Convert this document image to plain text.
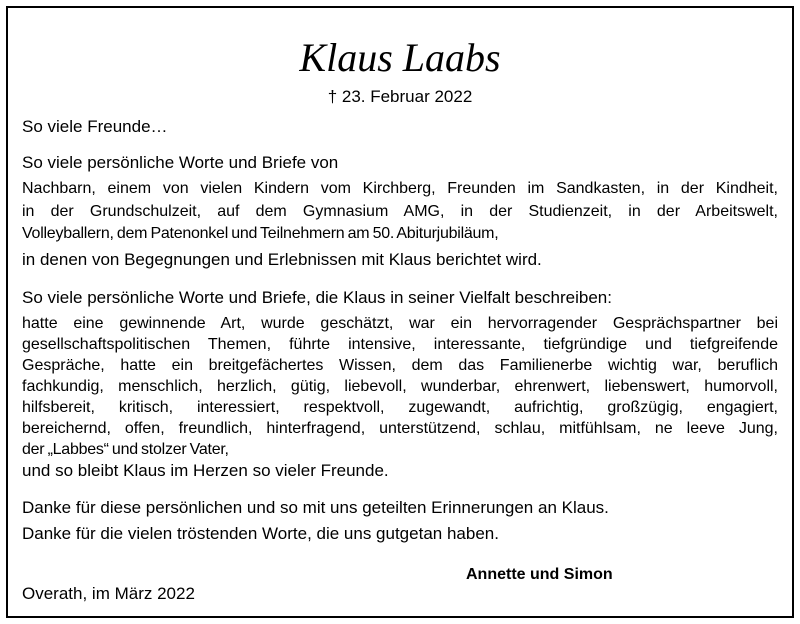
Klaus Laabs
† 23. Februar 2022
So viele Freunde…
So viele persönliche Worte und Briefe von
Nachbarn, einem von vielen Kindern vom Kirchberg, Freunden im Sandkasten, in der Kindheit,
in der Grundschulzeit, auf dem Gymnasium AMG, in der Studienzeit, in der Arbeitswelt,
Volleyballern, dem Patenonkel und Teilnehmern am 50. Abiturjubiläum,
in denen von Begegnungen und Erlebnissen mit Klaus berichtet wird.
So viele persönliche Worte und Briefe, die Klaus in seiner Vielfalt beschreiben:
hatte eine gewinnende Art, wurde geschätzt, war ein hervorragender Gesprächspartner bei
gesellschaftspolitischen Themen, führte intensive, interessante, tiefgründige und tiefgreifende
Gespräche, hatte ein breitgefächertes Wissen, dem das Familienerbe wichtig war, beruflich
fachkundig, menschlich, herzlich, gütig, liebevoll, wunderbar, ehrenwert, liebenswert, humorvoll,
hilfsbereit, kritisch, interessiert, respektvoll, zugewandt, aufrichtig, großzügig, engagiert,
bereichernd, offen, freundlich, hinterfragend, unterstützend, schlau, mitfühlsam, ne leeve Jung,
der „Labbes“ und stolzer Vater,
und so bleibt Klaus im Herzen so vieler Freunde.
Danke für diese persönlichen und so mit uns geteilten Erinnerungen an Klaus.
Danke für die vielen tröstenden Worte, die uns gutgetan haben.
Annette und Simon
Overath, im März 2022
